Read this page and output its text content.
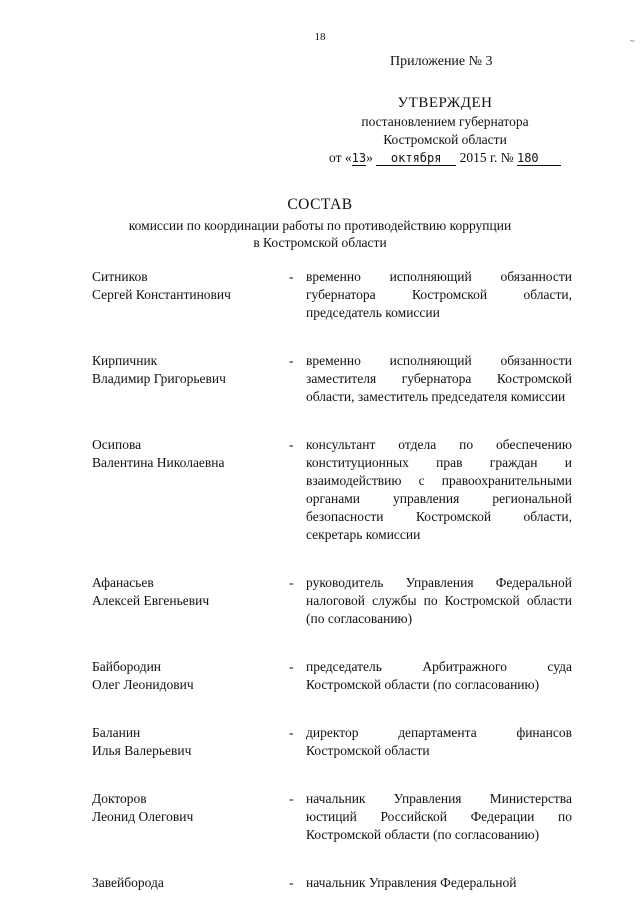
18	~
Приложение № 3
УТВЕРЖДЕН
постановлением губернатора
Костромской области
от «13» октября 2015 г. № 180
СОСТАВ
комиссии по координации работы по противодействию коррупции
в Костромской области
Ситников
Сергей Константинович
- временно исполняющий обязанности губернатора Костромской области, председатель комиссии
Кирпичник
Владимир Григорьевич
- временно исполняющий обязанности заместителя губернатора Костромской области, заместитель председателя комиссии
Осипова
Валентина Николаевна
- консультант отдела по обеспечению конституционных прав граждан и взаимодействию с правоохранительными органами управления региональной безопасности Костромской области, секретарь комиссии
Афанасьев
Алексей Евгеньевич
- руководитель Управления Федеральной налоговой службы по Костромской области (по согласованию)
Байбородин
Олег Леонидович
- председатель Арбитражного суда Костромской области (по согласованию)
Баланин
Илья Валерьевич
- директор департамента финансов Костромской области
Докторов
Леонид Олегович
- начальник Управления Министерства юстиций Российской Федерации по Костромской области (по согласованию)
Завейборода	- начальник Управления Федеральной
